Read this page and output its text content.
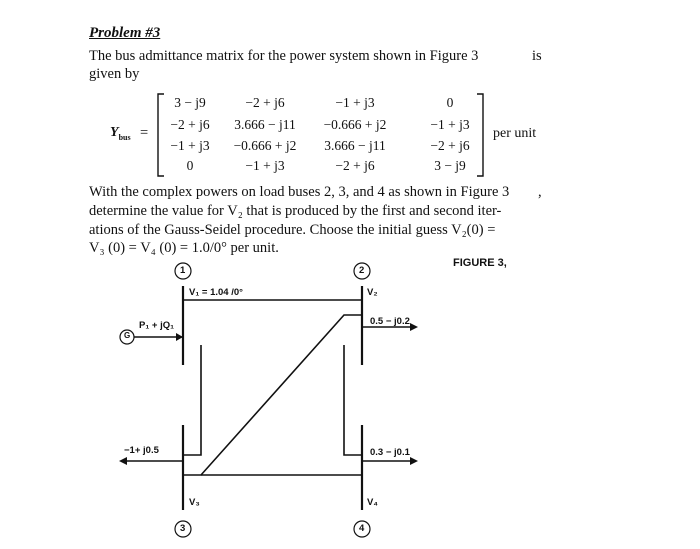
Problem #3
The bus admittance matrix for the power system shown in Figure 3	is
given by
$Y_{bus}$ =
3 − j9	−2 + j6	−1 + j3	0
−2 + j6	3.666 − j11	−0.666 + j2	−1 + j3
−1 + j3	−0.666 + j2	3.666 − j11	−2 + j6
0	−1 + j3	−2 + j6	3 − j9
per unit
With the complex powers on load buses 2, 3, and 4 as shown in Figure 3 ,
determine the value for V₂ that is produced by the first and second iter-
ations of the Gauss-Seidel procedure. Choose the initial guess V₂(0) =
V₃ (0) = V₄ (0) = 1.0/0° per unit.
FIGURE 3,
1	2
3	4
V₁ = 1.04 /0°	V₂
V₃	V₄
G
P₁ + jQ₁	0.5 − j0.2
−1+ j0.5	0.3 − j0.1
